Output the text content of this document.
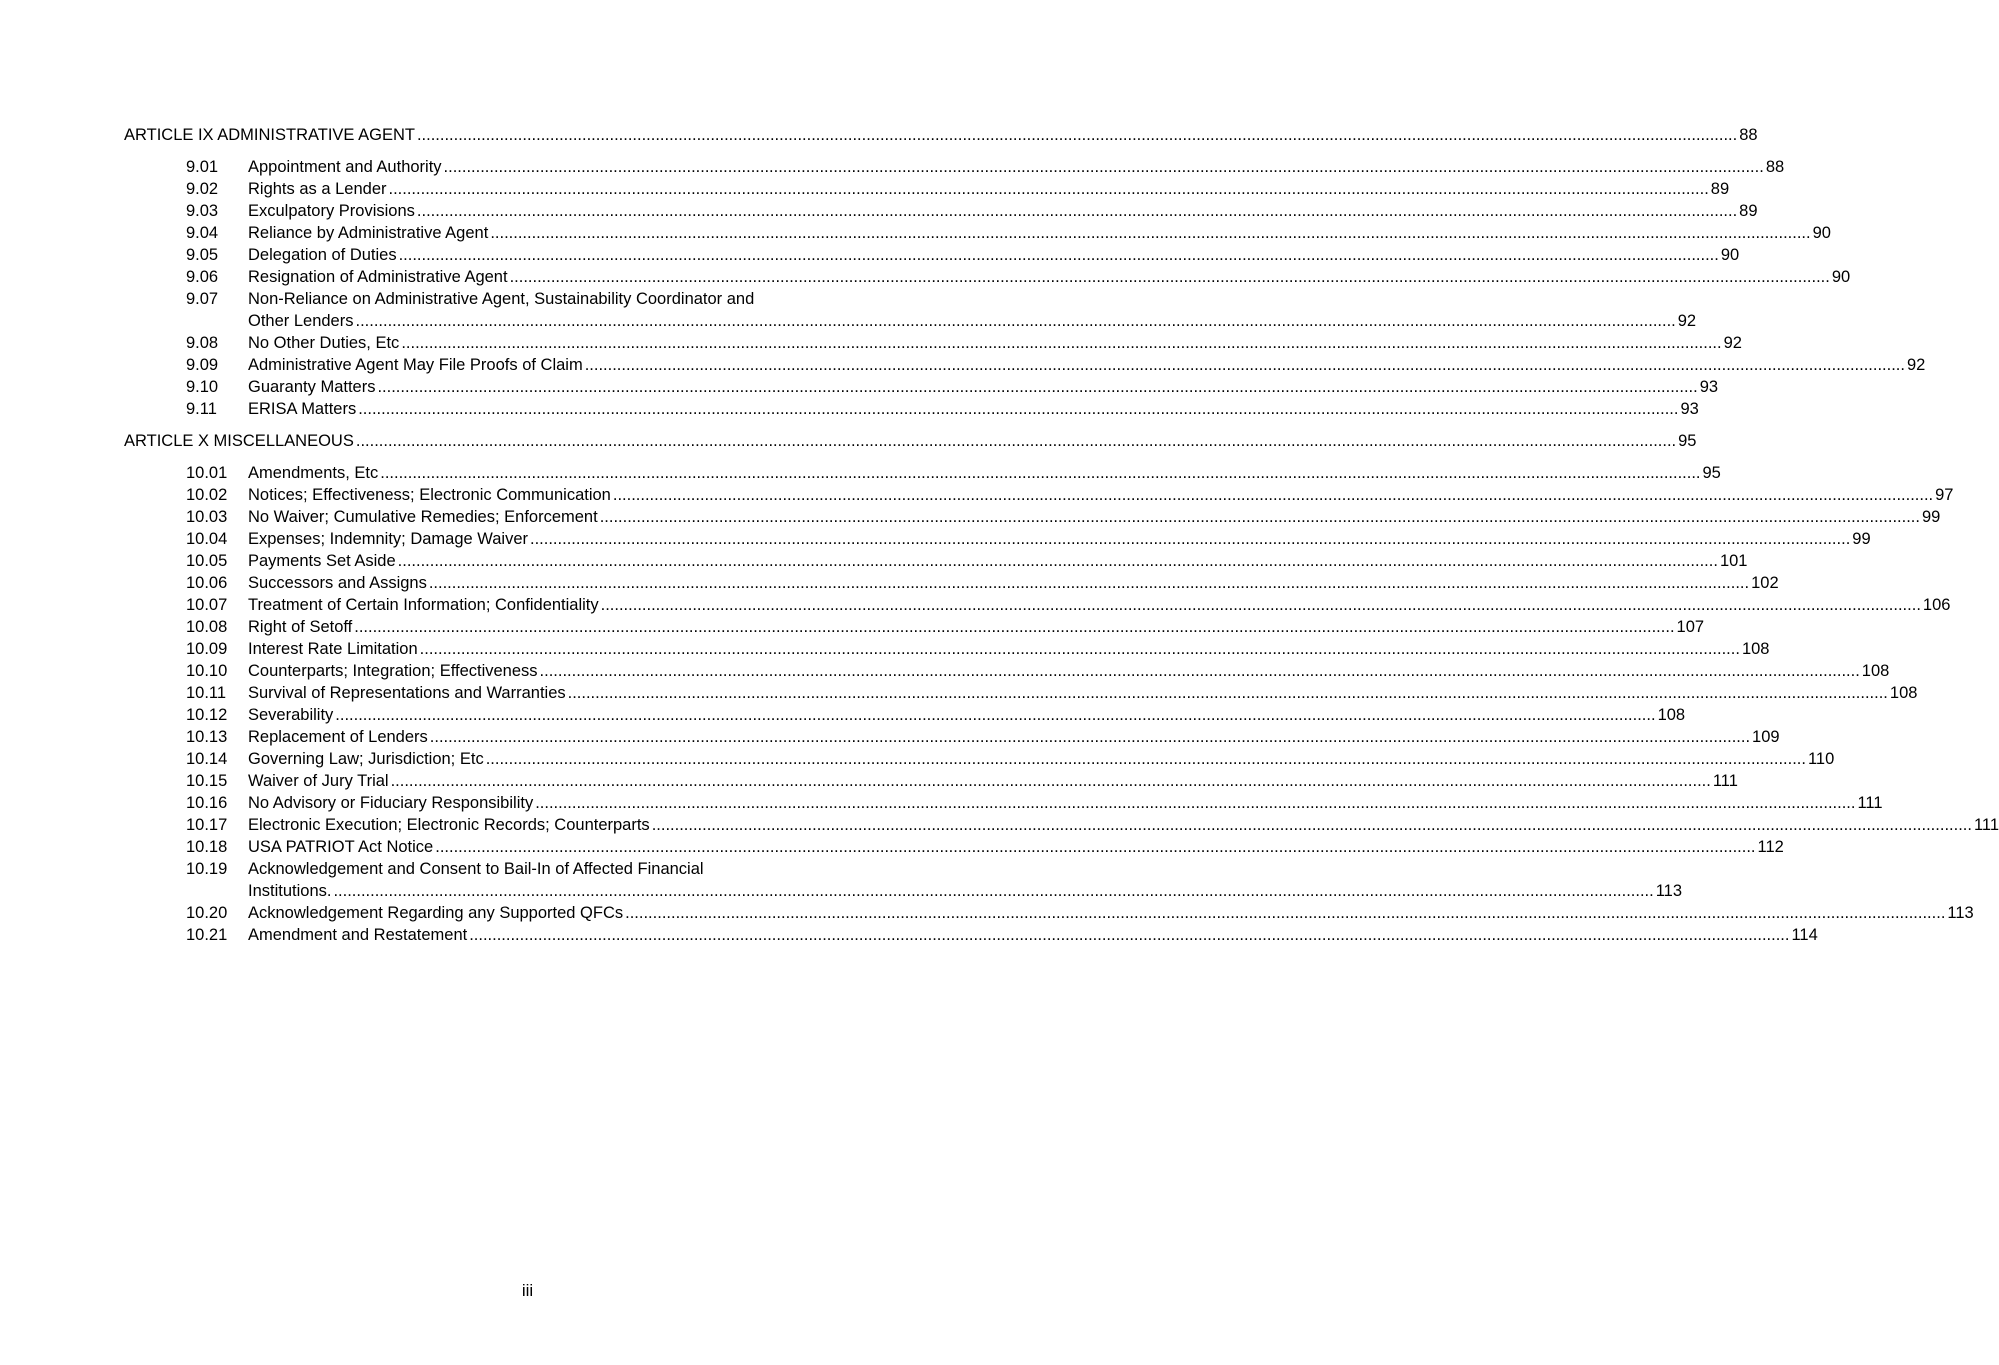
ARTICLE IX ADMINISTRATIVE AGENT .....	88
9.01	Appointment and Authority .....	88
9.02	Rights as a Lender .....	89
9.03	Exculpatory Provisions .....	89
9.04	Reliance by Administrative Agent .....	90
9.05	Delegation of Duties .....	90
9.06	Resignation of Administrative Agent .....	90
9.07	Non-Reliance on Administrative Agent, Sustainability Coordinator and
Other Lenders .....	92
9.08	No Other Duties, Etc .....	92
9.09	Administrative Agent May File Proofs of Claim .....	92
9.10	Guaranty Matters .....	93
9.11	ERISA Matters .....	93
ARTICLE X MISCELLANEOUS .....	95
10.01	Amendments, Etc .....	95
10.02	Notices; Effectiveness; Electronic Communication .....	97
10.03	No Waiver; Cumulative Remedies; Enforcement .....	99
10.04	Expenses; Indemnity; Damage Waiver .....	99
10.05	Payments Set Aside .....	101
10.06	Successors and Assigns .....	102
10.07	Treatment of Certain Information; Confidentiality .....	106
10.08	Right of Setoff .....	107
10.09	Interest Rate Limitation .....	108
10.10	Counterparts; Integration; Effectiveness .....	108
10.11	Survival of Representations and Warranties .....	108
10.12	Severability .....	108
10.13	Replacement of Lenders .....	109
10.14	Governing Law; Jurisdiction; Etc .....	110
10.15	Waiver of Jury Trial .....	111
10.16	No Advisory or Fiduciary Responsibility .....	111
10.17	Electronic Execution; Electronic Records; Counterparts .....	111
10.18	USA PATRIOT Act Notice .....	112
10.19	Acknowledgement and Consent to Bail-In of Affected Financial
Institutions. .....	113
10.20	Acknowledgement Regarding any Supported QFCs .....	113
10.21	Amendment and Restatement .....	114
iii
